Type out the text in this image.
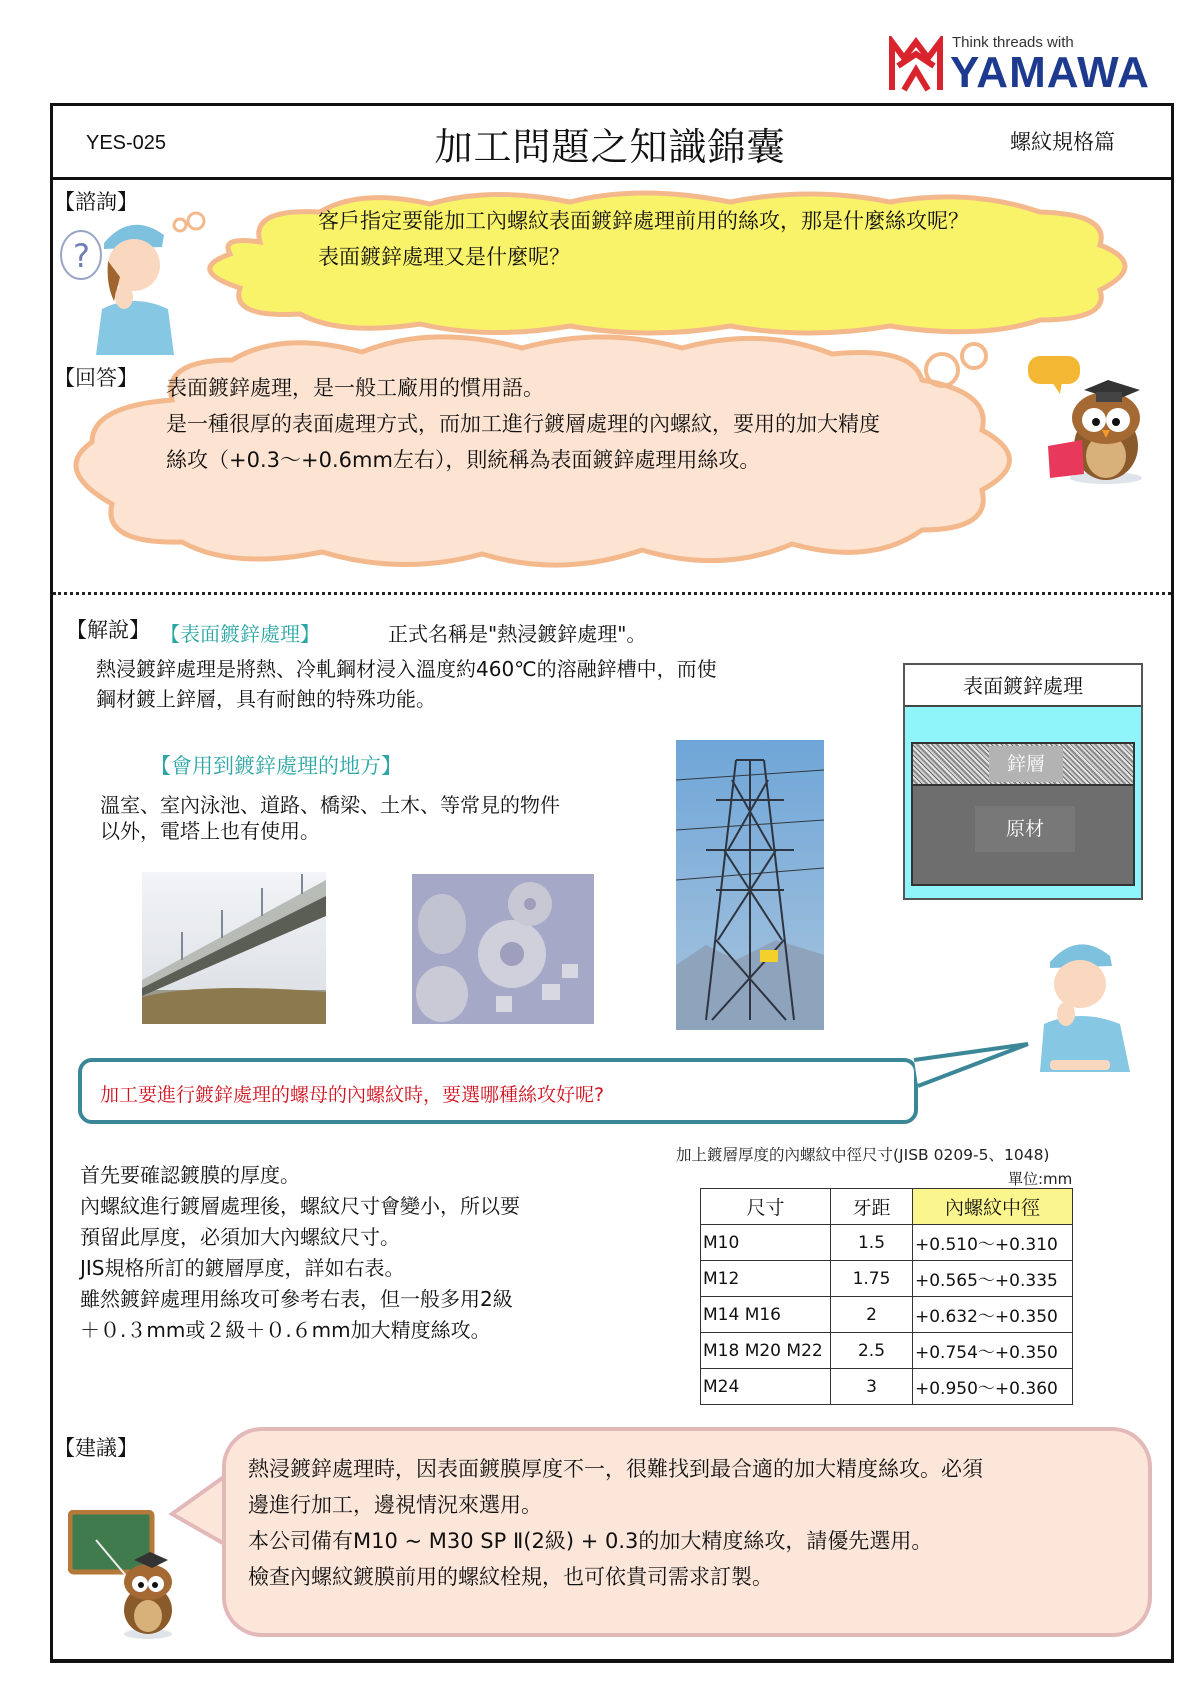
Think threads with
YAMAWA
YES-025	加工問題之知識錦囊	螺紋規格篇
【諮詢】
?
客戶指定要能加工內螺紋表面鍍鋅處理前用的絲攻，那是什麼絲攻呢？
表面鍍鋅處理又是什麼呢？
【回答】 表面鍍鋅處理，是一般工廠用的慣用語。
是一種很厚的表面處理方式，而加工進行鍍層處理的內螺紋，要用的加大精度
絲攻（+0.3～+0.6mm左右），則統稱為表面鍍鋅處理用絲攻。
【解說】 【表面鍍鋅處理】	正式名稱是"熱浸鍍鋅處理"。
熱浸鍍鋅處理是將熱、冷軋鋼材浸入溫度約460℃的溶融鋅槽中，而使
鋼材鍍上鋅層，具有耐蝕的特殊功能。
【會用到鍍鋅處理的地方】
溫室、室內泳池、道路、橋梁、土木、等常見的物件
以外，電塔上也有使用。
表面鍍鋅處理
鋅層
原材
加工要進行鍍鋅處理的螺母的內螺紋時，要選哪種絲攻好呢?
首先要確認鍍膜的厚度。
內螺紋進行鍍層處理後，螺紋尺寸會變小，所以要
預留此厚度，必須加大內螺紋尺寸。
JIS規格所訂的鍍層厚度，詳如右表。
雖然鍍鋅處理用絲攻可參考右表，但一般多用2級
＋０.３mm或２級＋０.６mm加大精度絲攻。
加上鍍層厚度的內螺紋中徑尺寸(JISB 0209-5、1048)
單位:mm
尺寸	牙距	內螺紋中徑
M10	1.5	+0.510～+0.310
M12	1.75	+0.565～+0.335
M14 M16	2	+0.632～+0.350
M18 M20 M22	2.5	+0.754～+0.350
M24	3	+0.950～+0.360
【建議】
熱浸鍍鋅處理時，因表面鍍膜厚度不一，很難找到最合適的加大精度絲攻。必須
邊進行加工，邊視情況來選用。
本公司備有M10 ~ M30 SP Ⅱ(2級) + 0.3的加大精度絲攻，請優先選用。
檢查內螺紋鍍膜前用的螺紋栓規，也可依貴司需求訂製。
